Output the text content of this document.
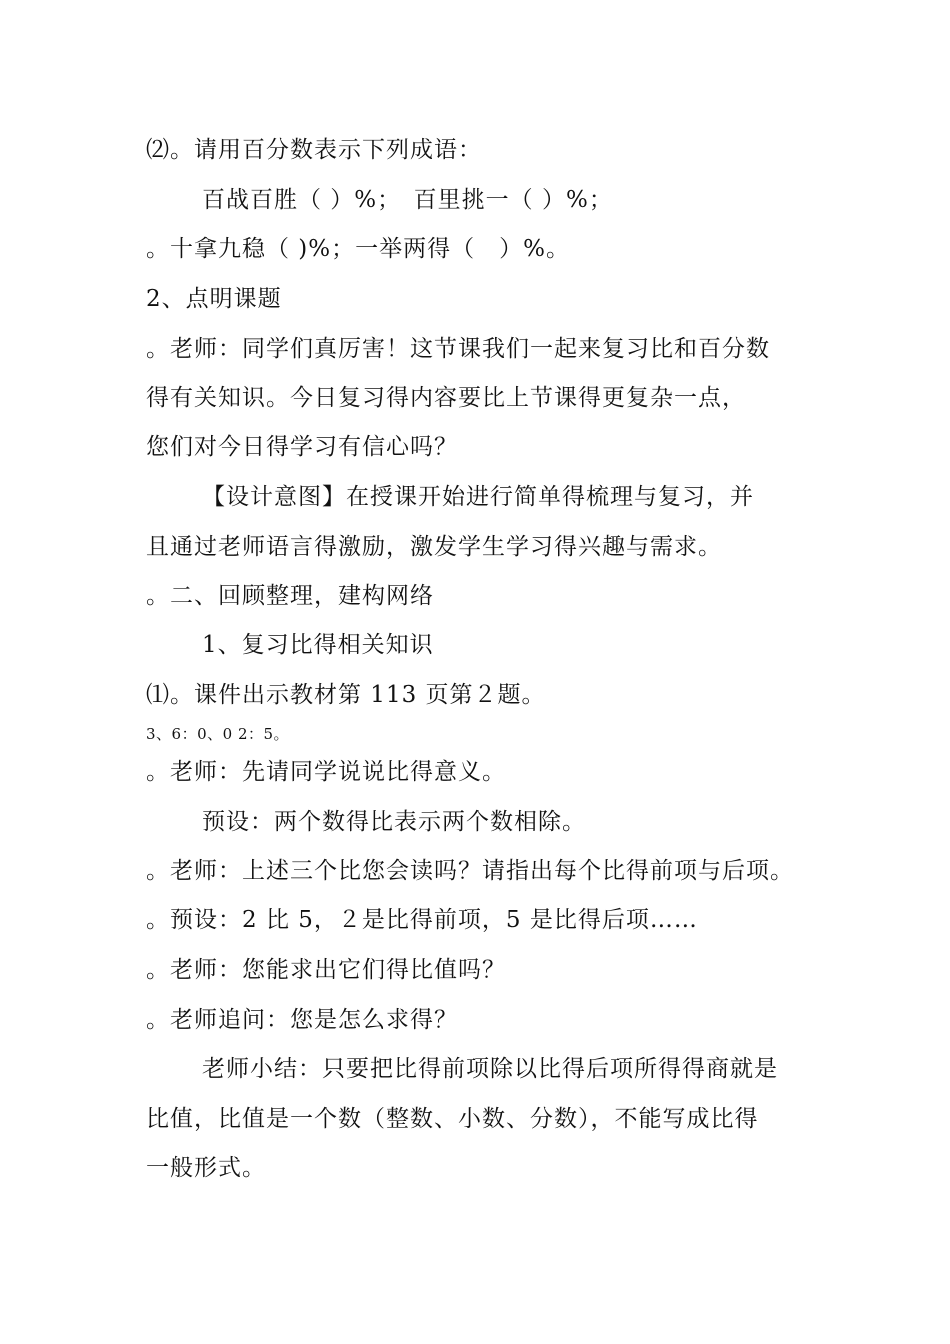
⑵。请用百分数表示下列成语：
百战百胜（ ）%；　百里挑一（ ）%；
。十拿九稳（ )%；一举两得（　）%。
2、点明课题
。老师：同学们真厉害！这节课我们一起来复习比和百分数
得有关知识。今日复习得内容要比上节课得更复杂一点，
您们对今日得学习有信心吗？
【设计意图】在授课开始进行简单得梳理与复习，并
且通过老师语言得激励，激发学生学习得兴趣与需求。
。二、回顾整理，建构网络
1、复习比得相关知识
⑴。课件出示教材第 113 页第２题。
3、6：0、0 2：5。
。老师：先请同学说说比得意义。
预设：两个数得比表示两个数相除。
。老师：上述三个比您会读吗？请指出每个比得前项与后项。
。预设：2 比 5，２是比得前项，5 是比得后项……
。老师：您能求出它们得比值吗？
。老师追问：您是怎么求得？
老师小结：只要把比得前项除以比得后项所得得商就是
比值，比值是一个数（整数、小数、分数），不能写成比得
一般形式。
